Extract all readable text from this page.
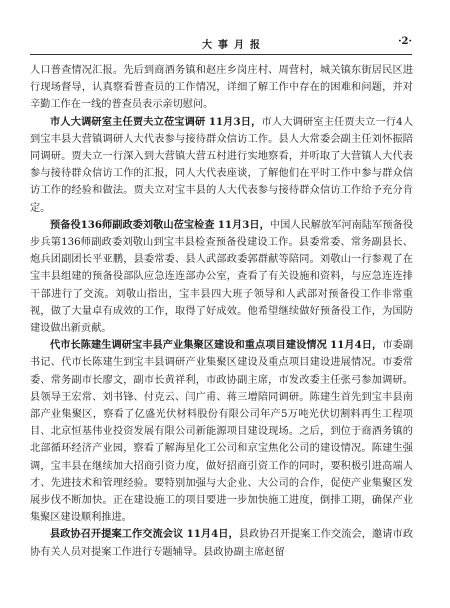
大事月报	·2·

人口普查情况汇报。先后到商酒务镇和赵庄乡岗庄村、周营村，城关镇东街居民区进行现场督导，认真察看普查员的工作情况，详细了解工作中存在的困难和问题，并对辛勤工作在一线的普查员表示亲切慰问。

市人大调研室主任贾夫立莅宝调研 11月3日，市人大调研室主任贾夫立一行4人到宝丰县大营镇调研人大代表参与接待群众信访工作。县人大常委会副主任刘怀振陪同调研。贾夫立一行深入到大营镇大营五村进行实地察看，并听取了大营镇人大代表参与接待群众信访工作的汇报，同人大代表座谈，了解他们在平时工作中参与群众信访工作的经验和做法。贾夫立对宝丰县的人大代表参与接待群众信访工作给予充分肯定。

预备役136师副政委刘敬山莅宝检查 11月3日，中国人民解放军河南陆军预备役步兵第136师副政委刘敬山到宝丰县检查预备役建设工作。县委常委、常务副县长、炮兵团副团长平亚鹏，县委常委、县人武部政委郭群献等陪同。刘敬山一行参观了在宝丰县组建的预备役部队应急连连部办公室，查看了有关设施和资料，与应急连连排干部进行了交流。刘敬山指出，宝丰县四大班子领导和人武部对预备役工作非常重视，做了大量卓有成效的工作，取得了好成效。他希望继续做好预备役工作，为国防建设做出新贡献。

代市长陈建生调研宝丰县产业集聚区建设和重点项目建设情况 11月4日，市委副书记、代市长陈建生到宝丰县调研产业集聚区建设及重点项目建设进展情况。市委常委、常务副市长廖文，副市长黄祥利，市政协副主席，市发改委主任张弓参加调研。县领导王宏常、刘书锋、付克云、闫广甫、蒋三增陪同调研。陈建生首先到宝丰县南部产业集聚区，察看了亿盛光伏材料股份有限公司年产5万吨光伏切割料再生工程项目、北京恒基伟业投资发展有限公司新能源项目建设现场。之后，到位于商酒务镇的北部循环经济产业园，察看了解海星化工公司和京宝焦化公司的建设情况。陈建生强调，宝丰县在继续加大招商引资力度，做好招商引资工作的同时，要积极引进高端人才、先进技术和管理经验。要特别加强与大企业、大公司的合作，促使产业集聚区发展步伐不断加快。正在建设施工的项目要进一步加快施工进度，倒排工期，确保产业集聚区建设顺利推进。

县政协召开提案工作交流会议 11月4日，县政协召开提案工作交流会，邀请市政协有关人员对提案工作进行专题辅导。县政协副主席赵留
